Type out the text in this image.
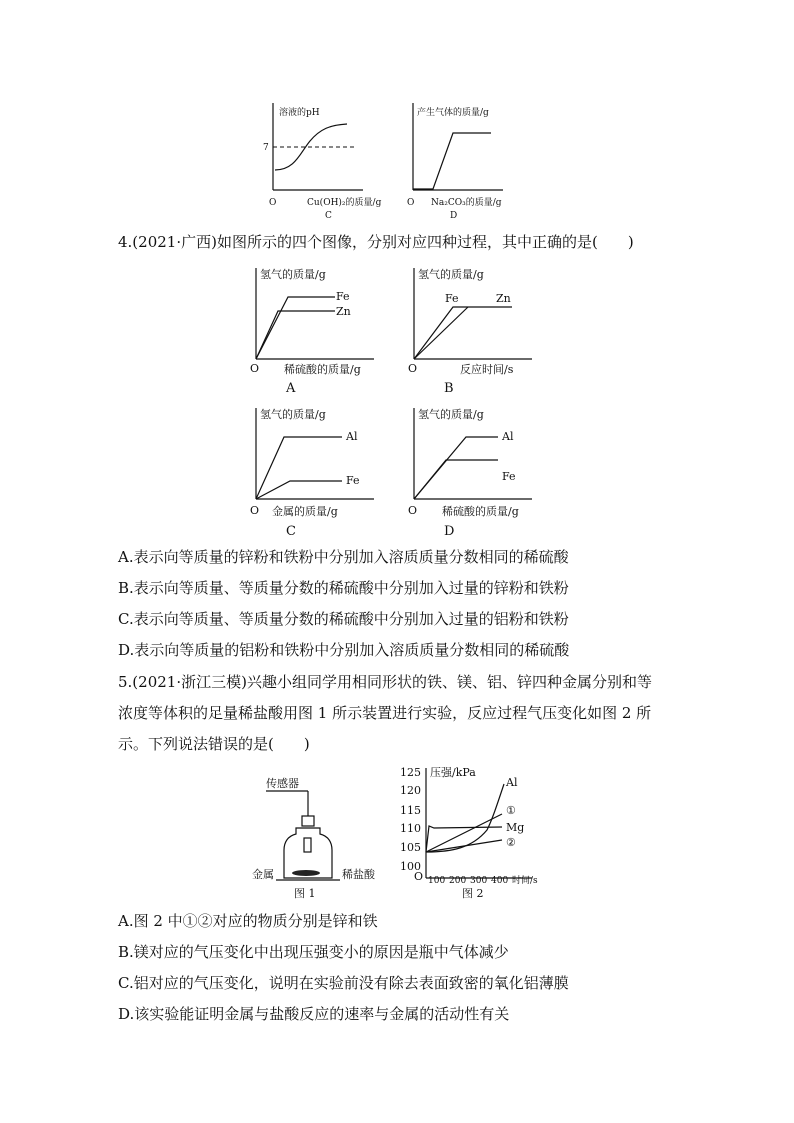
溶液的pH
7
O	Cu(OH)₂的质量/g
C
产生气体的质量/g
O Na₂CO₃的质量/g
D
4.(2021·广西)如图所示的四个图像，分别对应四种过程，其中正确的是(　　)
氢气的质量/g
Fe
Zn
O 稀硫酸的质量/g
A
氢气的质量/g
Fe	Zn
O	反应时间/s
B
氢气的质量/g
Al
Fe
O 金属的质量/g
C
氢气的质量/g
Al
Fe
O 稀硫酸的质量/g
D
A.表示向等质量的锌粉和铁粉中分别加入溶质质量分数相同的稀硫酸
B.表示向等质量、等质量分数的稀硫酸中分别加入过量的锌粉和铁粉
C.表示向等质量、等质量分数的稀硫酸中分别加入过量的铝粉和铁粉
D.表示向等质量的铝粉和铁粉中分别加入溶质质量分数相同的稀硫酸
5.(2021·浙江三模)兴趣小组同学用相同形状的铁、镁、铝、锌四种金属分别和等
浓度等体积的足量稀盐酸用图 1 所示装置进行实验，反应过程气压变化如图 2 所
示。下列说法错误的是(　　)
传感器
金属	稀盐酸
图 1
压强/kPa
125
120
115
110
105
100
Al
①
Mg
②
O 100 200 300 400 时间/s
图 2
A.图 2 中①②对应的物质分别是锌和铁
B.镁对应的气压变化中出现压强变小的原因是瓶中气体减少
C.铝对应的气压变化，说明在实验前没有除去表面致密的氧化铝薄膜
D.该实验能证明金属与盐酸反应的速率与金属的活动性有关
